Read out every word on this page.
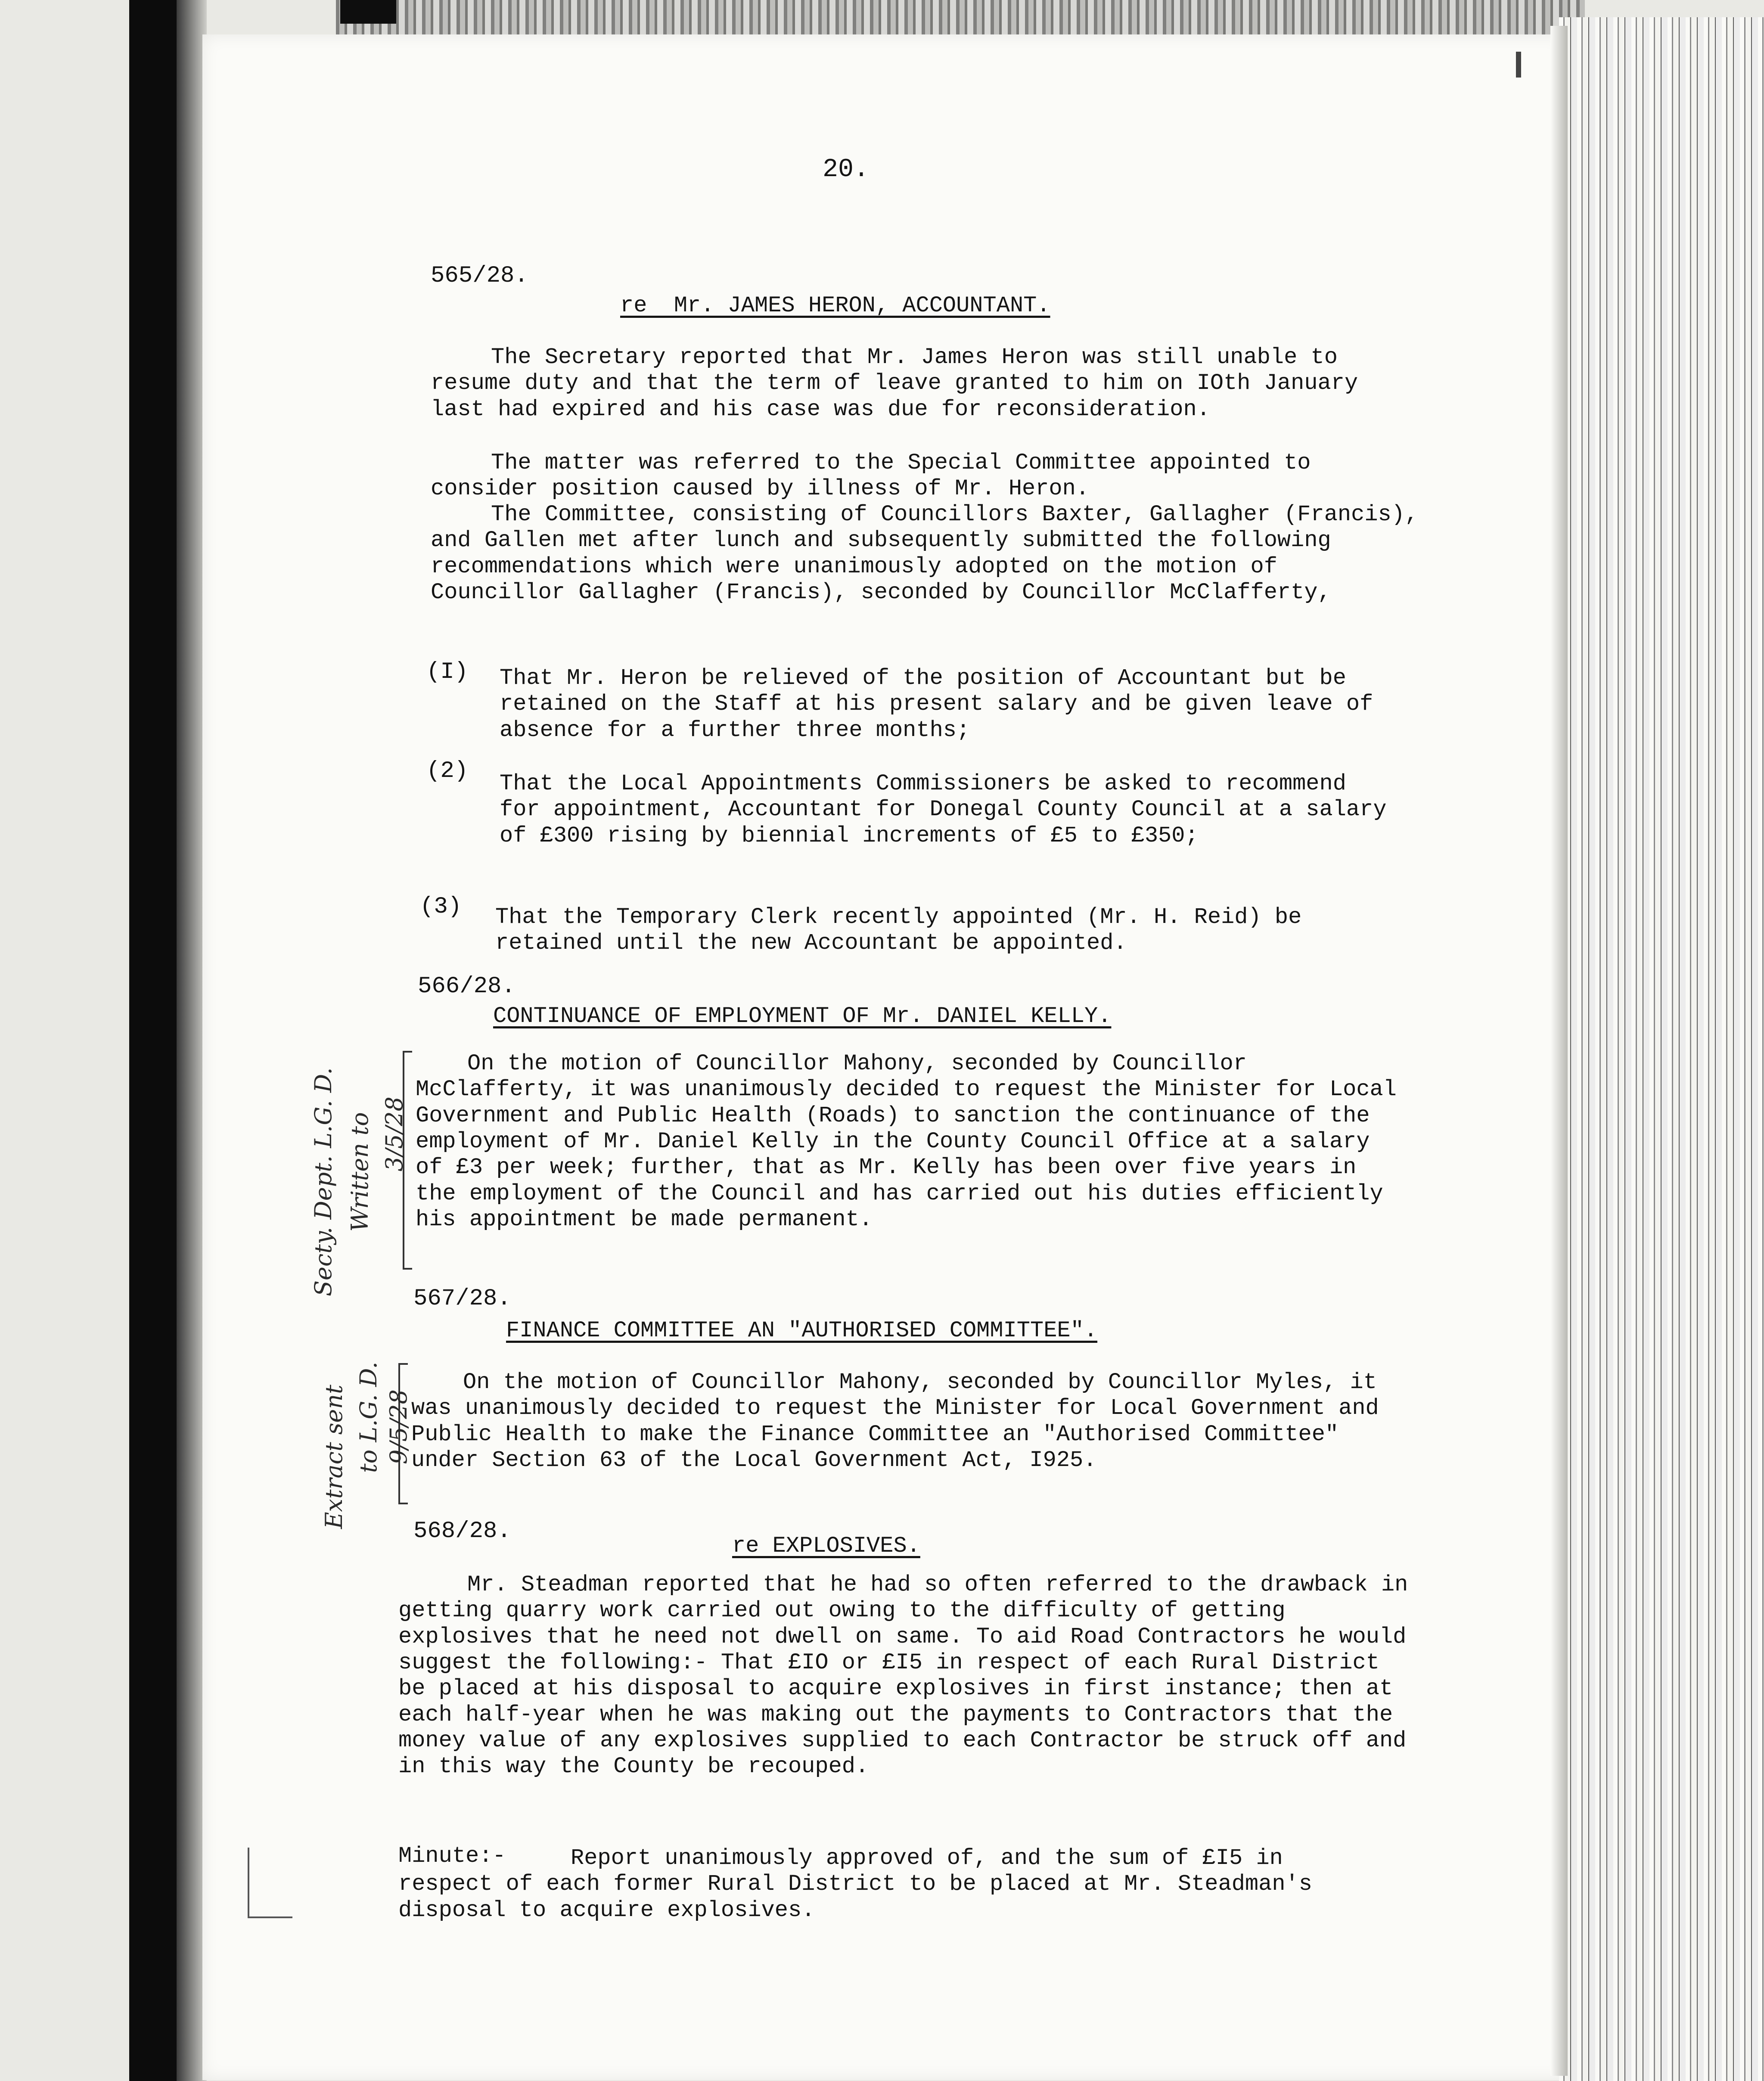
20.
565/28.
re  Mr. JAMES HERON, ACCOUNTANT.
The Secretary reported that Mr. James Heron was still unable to resume duty and that the term of leave granted to him on IOth January last had expired and his case was due for reconsideration.
The matter was referred to the Special Committee appointed to consider position caused by illness of Mr. Heron.
The Committee, consisting of Councillors Baxter, Gallagher (Francis), and Gallen met after lunch and subsequently submitted the following recommendations which were unanimously adopted on the motion of Councillor Gallagher (Francis), seconded by Councillor McClafferty,
(I) That Mr. Heron be relieved of the position of Accountant but be retained on the Staff at his present salary and be given leave of absence for a further three months;
(2) That the Local Appointments Commissioners be asked to recommend for appointment, Accountant for Donegal County Council at a salary of £300 rising by biennial increments of £5 to £350;
(3) That the Temporary Clerk recently appointed (Mr. H. Reid) be retained until the new Accountant be appointed.
566/28.
CONTINUANCE OF EMPLOYMENT OF Mr. DANIEL KELLY.
On the motion of Councillor Mahony, seconded by Councillor McClafferty, it was unanimously decided to request the Minister for Local Government and Public Health (Roads) to sanction the continuance of the employment of Mr. Daniel Kelly in the County Council Office at a salary of £3 per week; further, that as Mr. Kelly has been over five years in the employment of the Council and has carried out his duties efficiently his appointment be made permanent.
567/28.
FINANCE COMMITTEE AN "AUTHORISED COMMITTEE".
On the motion of Councillor Mahony, seconded by Councillor Myles, it was unanimously decided to request the Minister for Local Government and Public Health to make the Finance Committee an "Authorised Committee" under Section 63 of the Local Government Act, I925.
568/28.
re EXPLOSIVES.
Mr. Steadman reported that he had so often referred to the drawback in getting quarry work carried out owing to the difficulty of getting explosives that he need not dwell on same. To aid Road Contractors he would suggest the following:- That £IO or £I5 in respect of each Rural District be placed at his disposal to acquire explosives in first instance; then at each half-year when he was making out the payments to Contractors that the money value of any explosives supplied to each Contractor be struck off and in this way the County be recouped.
Minute:-	Report unanimously approved of, and the sum of £I5 in respect of each former Rural District to be placed at Mr. Steadman's disposal to acquire explosives.
Secty. Dept. L.G. D. Written to 3/5/28
Extract sent to L.G. D. 9/5/28
